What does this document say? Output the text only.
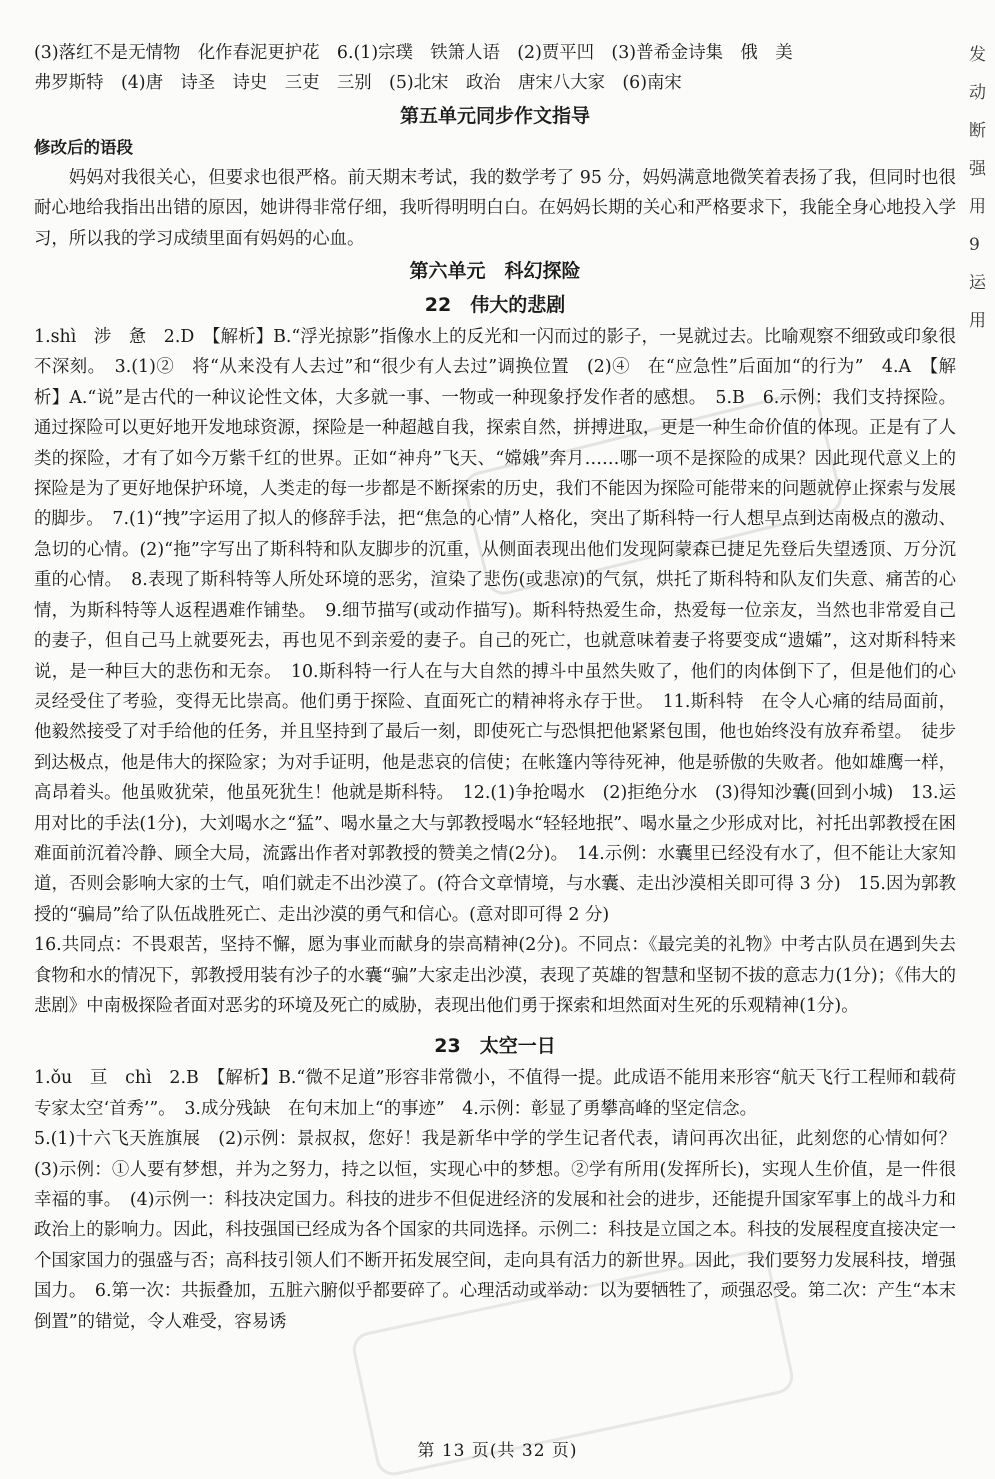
(3)落红不是无情物　化作春泥更护花　6.(1)宗璞　铁箫人语　(2)贾平凹　(3)普希金诗集　俄　美

弗罗斯特　(4)唐　诗圣　诗史　三吏　三别　(5)北宋　政治　唐宋八大家　(6)南宋

第五单元同步作文指导
修改后的语段

妈妈对我很关心，但要求也很严格。前天期末考试，我的数学考了 95 分，妈妈满意地微笑着表扬了我，但同时也很耐心地给我指出出错的原因，她讲得非常仔细，我听得明明白白。在妈妈长期的关心和严格要求下，我能全身心地投入学习，所以我的学习成绩里面有妈妈的心血。

第六单元　科幻探险
22　伟大的悲剧

1.shì　涉　惫　2.D　【解析】B.“浮光掠影”指像水上的反光和一闪而过的影子，一晃就过去。比喻观察不细致或印象很不深刻。　3.(1)②　将“从来没有人去过”和“很少有人去过”调换位置　(2)④　在“应急性”后面加“的行为”　4.A　【解析】A.“说”是古代的一种议论性文体，大多就一事、一物或一种现象抒发作者的感想。　5.B　6.示例：我们支持探险。通过探险可以更好地开发地球资源，探险是一种超越自我，探索自然，拼搏进取，更是一种生命价值的体现。正是有了人类的探险，才有了如今万紫千红的世界。正如“神舟”飞天、“嫦娥”奔月……哪一项不是探险的成果？因此现代意义上的探险是为了更好地保护环境，人类走的每一步都是不断探索的历史，我们不能因为探险可能带来的问题就停止探索与发展的脚步。　7.(1)“拽”字运用了拟人的修辞手法，把“焦急的心情”人格化，突出了斯科特一行人想早点到达南极点的激动、急切的心情。(2)“拖”字写出了斯科特和队友脚步的沉重，从侧面表现出他们发现阿蒙森已捷足先登后失望透顶、万分沉重的心情。　8.表现了斯科特等人所处环境的恶劣，渲染了悲伤(或悲凉)的气氛，烘托了斯科特和队友们失意、痛苦的心情，为斯科特等人返程遇难作铺垫。　9.细节描写(或动作描写)。斯科特热爱生命，热爱每一位亲友，当然也非常爱自己的妻子，但自己马上就要死去，再也见不到亲爱的妻子。自己的死亡，也就意味着妻子将要变成“遗孀”，这对斯科特来说，是一种巨大的悲伤和无奈。　10.斯科特一行人在与大自然的搏斗中虽然失败了，他们的肉体倒下了，但是他们的心灵经受住了考验，变得无比崇高。他们勇于探险、直面死亡的精神将永存于世。　11.斯科特　在令人心痛的结局面前，他毅然接受了对手给他的任务，并且坚持到了最后一刻，即使死亡与恐惧把他紧紧包围，他也始终没有放弃希望。　徒步到达极点，他是伟大的探险家；为对手证明，他是悲哀的信使；在帐篷内等待死神，他是骄傲的失败者。他如雄鹰一样，高昂着头。他虽败犹荣，他虽死犹生！他就是斯科特。　12.(1)争抢喝水　(2)拒绝分水　(3)得知沙囊(回到小城)　13.运用对比的手法(1分)，大刘喝水之“猛”、喝水量之大与郭教授喝水“轻轻地抿”、喝水量之少形成对比，衬托出郭教授在困难面前沉着冷静、顾全大局，流露出作者对郭教授的赞美之情(2分)。　14.示例：水囊里已经没有水了，但不能让大家知道，否则会影响大家的士气，咱们就走不出沙漠了。(符合文章情境，与水囊、走出沙漠相关即可得 3 分)　15.因为郭教授的“骗局”给了队伍战胜死亡、走出沙漠的勇气和信心。(意对即可得 2 分)

16.共同点：不畏艰苦，坚持不懈，愿为事业而献身的崇高精神(2分)。不同点：《最完美的礼物》中考古队员在遇到失去食物和水的情况下，郭教授用装有沙子的水囊“骗”大家走出沙漠，表现了英雄的智慧和坚韧不拔的意志力(1分)；《伟大的悲剧》中南极探险者面对恶劣的环境及死亡的威胁，表现出他们勇于探索和坦然面对生死的乐观精神(1分)。

23　太空一日

1.ǒu　亘　chì　2.B　【解析】B.“微不足道”形容非常微小，不值得一提。此成语不能用来形容“航天飞行工程师和载荷专家太空‘首秀’”。　3.成分残缺　在句末加上“的事迹”　4.示例：彰显了勇攀高峰的坚定信念。

5.(1)十六飞天旌旗展　(2)示例：景叔叔，您好！我是新华中学的学生记者代表，请问再次出征，此刻您的心情如何？　(3)示例：①人要有梦想，并为之努力，持之以恒，实现心中的梦想。②学有所用(发挥所长)，实现人生价值，是一件很幸福的事。　(4)示例一：科技决定国力。科技的进步不但促进经济的发展和社会的进步，还能提升国家军事上的战斗力和政治上的影响力。因此，科技强国已经成为各个国家的共同选择。示例二：科技是立国之本。科技的发展程度直接决定一个国家国力的强盛与否；高科技引领人们不断开拓发展空间，走向具有活力的新世界。因此，我们要努力发展科技，增强国力。　6.第一次：共振叠加，五脏六腑似乎都要碎了。心理活动或举动：以为要牺牲了，顽强忍受。第二次：产生“本末倒置”的错觉，令人难受，容易诱

发
动
断
强
用
9
运
用
第 13 页(共 32 页)
